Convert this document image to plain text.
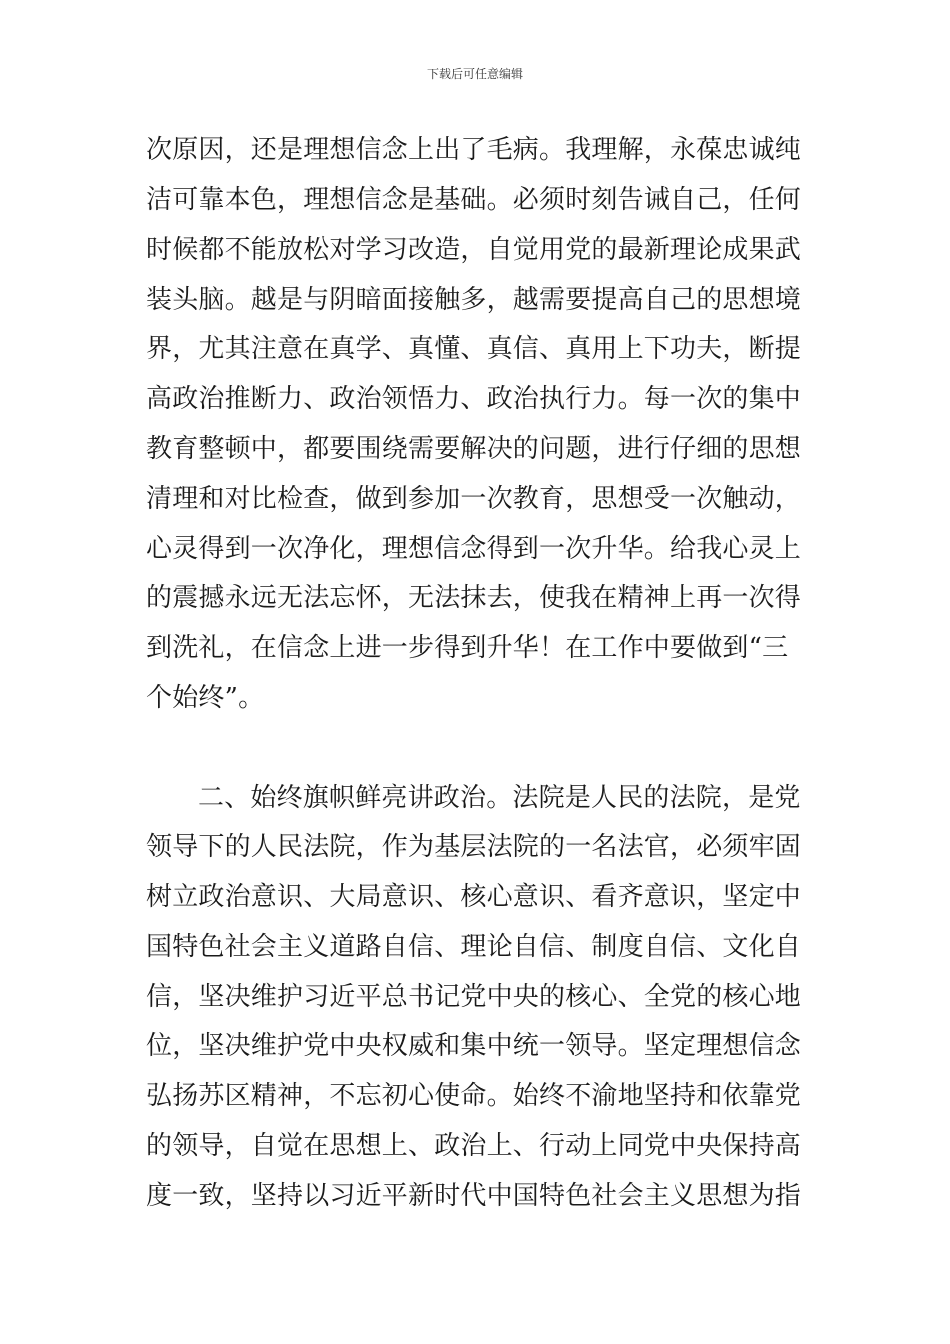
下载后可任意编辑
次原因，还是理想信念上出了毛病。我理解，永葆忠诚纯
洁可靠本色，理想信念是基础。必须时刻告诫自己，任何
时候都不能放松对学习改造，自觉用党的最新理论成果武
装头脑。越是与阴暗面接触多，越需要提高自己的思想境
界，尤其注意在真学、真懂、真信、真用上下功夫，断提
高政治推断力、政治领悟力、政治执行力。每一次的集中
教育整顿中，都要围绕需要解决的问题，进行仔细的思想
清理和对比检查，做到参加一次教育，思想受一次触动，
心灵得到一次净化，理想信念得到一次升华。给我心灵上
的震撼永远无法忘怀，无法抹去，使我在精神上再一次得
到洗礼，在信念上进一步得到升华！在工作中要做到“三
个始终”。
二、始终旗帜鲜亮讲政治。法院是人民的法院，是党
领导下的人民法院，作为基层法院的一名法官，必须牢固
树立政治意识、大局意识、核心意识、看齐意识，坚定中
国特色社会主义道路自信、理论自信、制度自信、文化自
信，坚决维护习近平总书记党中央的核心、全党的核心地
位，坚决维护党中央权威和集中统一领导。坚定理想信念
弘扬苏区精神，不忘初心使命。始终不渝地坚持和依靠党
的领导，自觉在思想上、政治上、行动上同党中央保持高
度一致，坚持以习近平新时代中国特色社会主义思想为指
